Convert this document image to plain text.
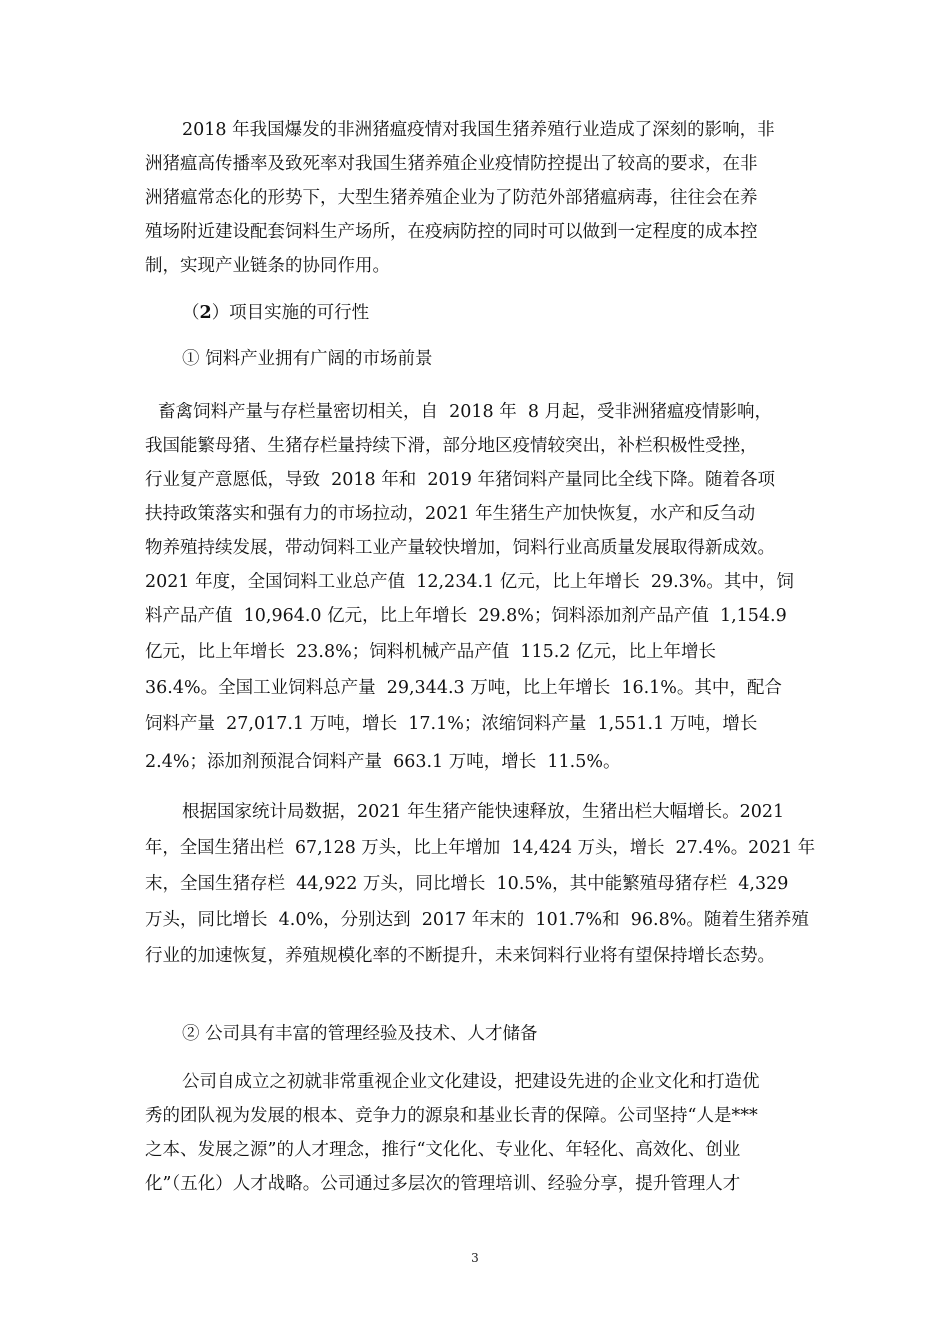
2018 年我国爆发的非洲猪瘟疫情对我国生猪养殖行业造成了深刻的影响，非
洲猪瘟高传播率及致死率对我国生猪养殖企业疫情防控提出了较高的要求，在非
洲猪瘟常态化的形势下，大型生猪养殖企业为了防范外部猪瘟病毒，往往会在养
殖场附近建设配套饲料生产场所，在疫病防控的同时可以做到一定程度的成本控
制，实现产业链条的协同作用。
（2）项目实施的可行性
① 饲料产业拥有广阔的市场前景
畜禽饲料产量与存栏量密切相关，自  2018 年  8 月起，受非洲猪瘟疫情影响，
我国能繁母猪、生猪存栏量持续下滑，部分地区疫情较突出，补栏积极性受挫，
行业复产意愿低，导致  2018 年和  2019 年猪饲料产量同比全线下降。随着各项
扶持政策落实和强有力的市场拉动，2021 年生猪生产加快恢复，水产和反刍动
物养殖持续发展，带动饲料工业产量较快增加，饲料行业高质量发展取得新成效。
2021 年度，全国饲料工业总产值  12,234.1 亿元，比上年增长  29.3%。其中，饲
料产品产值  10,964.0 亿元，比上年增长  29.8%；饲料添加剂产品产值  1,154.9
亿元，比上年增长  23.8%；饲料机械产品产值  115.2 亿元，比上年增长
36.4%。全国工业饲料总产量  29,344.3 万吨，比上年增长  16.1%。其中，配合
饲料产量  27,017.1 万吨，增长  17.1%；浓缩饲料产量  1,551.1 万吨，增长
2.4%；添加剂预混合饲料产量  663.1 万吨，增长  11.5%。
根据国家统计局数据，2021 年生猪产能快速释放，生猪出栏大幅增长。2021
年，全国生猪出栏  67,128 万头，比上年增加  14,424 万头，增长  27.4%。2021 年
末，全国生猪存栏  44,922 万头，同比增长  10.5%，其中能繁殖母猪存栏  4,329
万头，同比增长  4.0%，分别达到  2017 年末的  101.7%和  96.8%。随着生猪养殖
行业的加速恢复，养殖规模化率的不断提升，未来饲料行业将有望保持增长态势。
② 公司具有丰富的管理经验及技术、人才储备
公司自成立之初就非常重视企业文化建设，把建设先进的企业文化和打造优
秀的团队视为发展的根本、竞争力的源泉和基业长青的保障。公司坚持“人是***
之本、发展之源”的人才理念，推行“文化化、专业化、年轻化、高效化、创业
化”（五化）人才战略。公司通过多层次的管理培训、经验分享，提升管理人才
3
